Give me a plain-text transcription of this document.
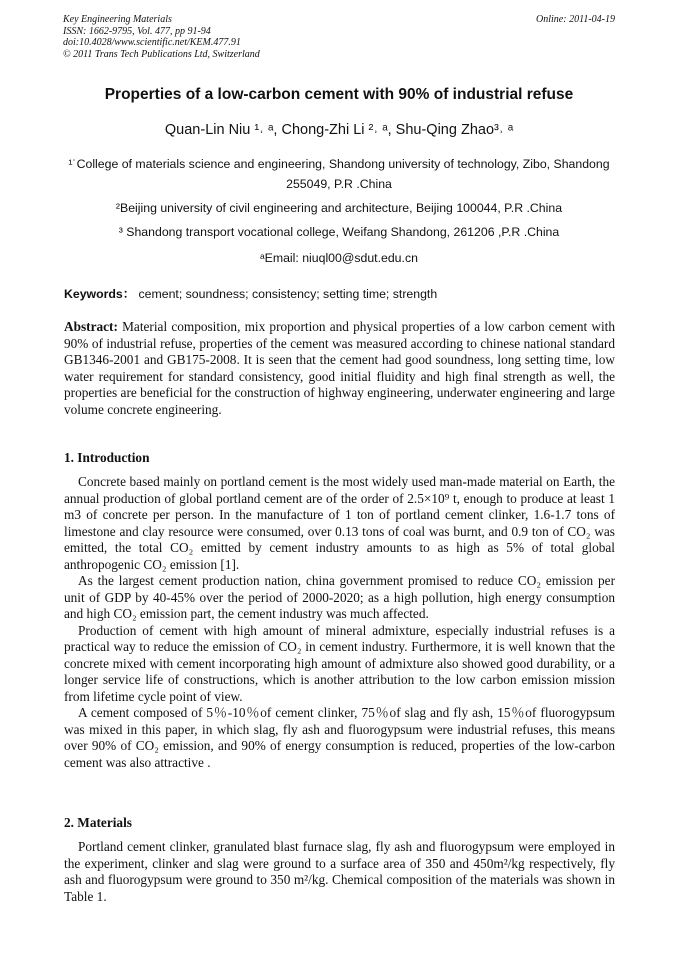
Key Engineering Materials
ISSN: 1662-9795, Vol. 477, pp 91-94
doi:10.4028/www.scientific.net/KEM.477.91
© 2011 Trans Tech Publications Ltd, Switzerland
Online: 2011-04-19
Properties of a low-carbon cement with 90% of industrial refuse
Quan-Lin Niu ¹˒ ᵃ, Chong-Zhi Li ²˒ ᵃ, Shu-Qing Zhao³˒ ᵃ
¹˙College of materials science and engineering, Shandong university of technology, Zibo, Shandong 255049, P.R .China
²Beijing university of civil engineering and architecture, Beijing 100044, P.R .China
³ Shandong transport vocational college, Weifang Shandong, 261206 ,P.R .China
ᵃEmail: niuql00@sdut.edu.cn
Keywords： cement; soundness; consistency; setting time; strength

Abstract: Material composition, mix proportion and physical properties of a low carbon cement with 90% of industrial refuse, properties of the cement was measured according to chinese national standard GB1346-2001 and GB175-2008. It is seen that the cement had good soundness, long setting time, low water requirement for standard consistency, good initial fluidity and high final strength as well, the properties are beneficial for the construction of highway engineering, underwater engineering and large volume concrete engineering.

1. Introduction

Concrete based mainly on portland cement is the most widely used man-made material on Earth, the annual production of global portland cement are of the order of 2.5×10⁹ t, enough to produce at least 1 m3 of concrete per person. In the manufacture of 1 ton of portland cement clinker, 1.6-1.7 tons of limestone and clay resource were consumed, over 0.13 tons of coal was burnt, and 0.9 ton of CO₂ was emitted, the total CO₂ emitted by cement industry amounts to as high as 5% of total global anthropogenic CO₂ emission [1].

As the largest cement production nation, china government promised to reduce CO₂ emission per unit of GDP by 40-45% over the period of 2000-2020; as a high pollution, high energy consumption and high CO₂ emission part, the cement industry was much affected.

Production of cement with high amount of mineral admixture, especially industrial refuses is a practical way to reduce the emission of CO₂ in cement industry. Furthermore, it is well known that the concrete mixed with cement incorporating high amount of admixture also showed good durability, or a longer service life of constructions, which is another attribution to the low carbon emission mission from lifetime cycle point of view.

A cement composed of 5％-10％of cement clinker, 75％of slag and fly ash, 15％of fluorogypsum was mixed in this paper, in which slag, fly ash and fluorogypsum were industrial refuses, this means over 90% of CO₂ emission, and 90% of energy consumption is reduced, properties of the low-carbon cement was also attractive .

2. Materials

Portland cement clinker, granulated blast furnace slag, fly ash and fluorogypsum were employed in the experiment, clinker and slag were ground to a surface area of 350 and 450m²/kg respectively, fly ash and fluorogypsum were ground to 350 m²/kg. Chemical composition of the materials was shown in Table 1.
